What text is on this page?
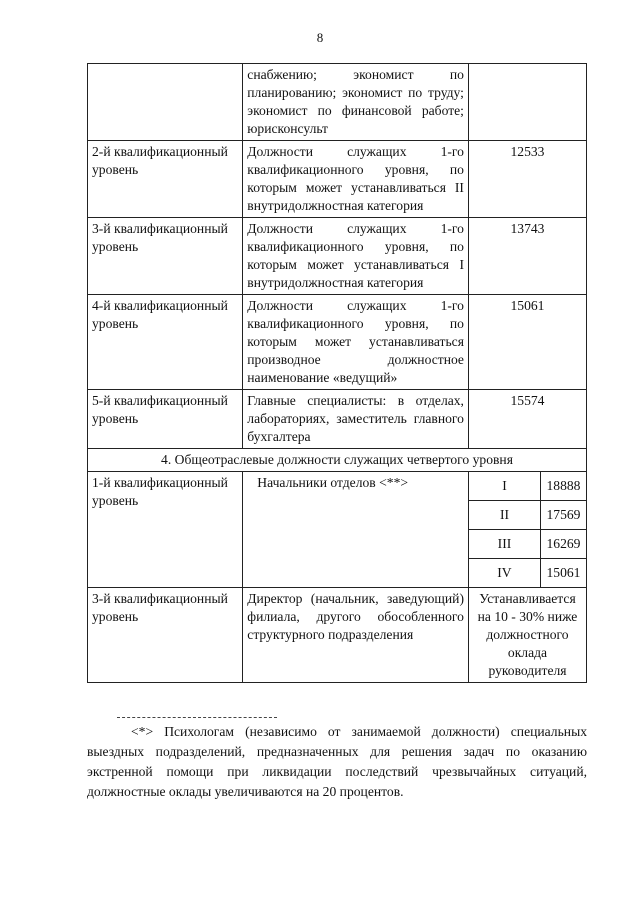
8
	снабжению; экономист по планированию; экономист по труду; экономист по финансовой работе; юрисконсульт	
2-й квалификационный уровень	Должности служащих 1-го квалификационного уровня, по которым может устанавливаться II внутридолжностная категория	12533
3-й квалификационный уровень	Должности служащих 1-го квалификационного уровня, по которым может устанавливаться I внутридолжностная категория	13743
4-й квалификационный уровень	Должности служащих 1-го квалификационного уровня, по которым может устанавливаться производное должностное наименование «ведущий»	15061
5-й квалификационный уровень	Главные специалисты: в отделах, лабораториях, заместитель главного бухгалтера	15574
4. Общеотраслевые должности служащих четвертого уровня
1-й квалификационный уровень	Начальники отделов <**>		I	18888
II	17569
III	16269
IV	15061

3-й квалификационный уровень	Директор (начальник, заведующий) филиала, другого обособленного структурного подразделения	Устанавливается на 10 - 30% ниже должностного оклада руководителя
<*> Психологам (независимо от занимаемой должности) специальных выездных подразделений, предназначенных для решения задач по оказанию экстренной помощи при ликвидации последствий чрезвычайных ситуаций, должностные оклады увеличиваются на 20 процентов.
